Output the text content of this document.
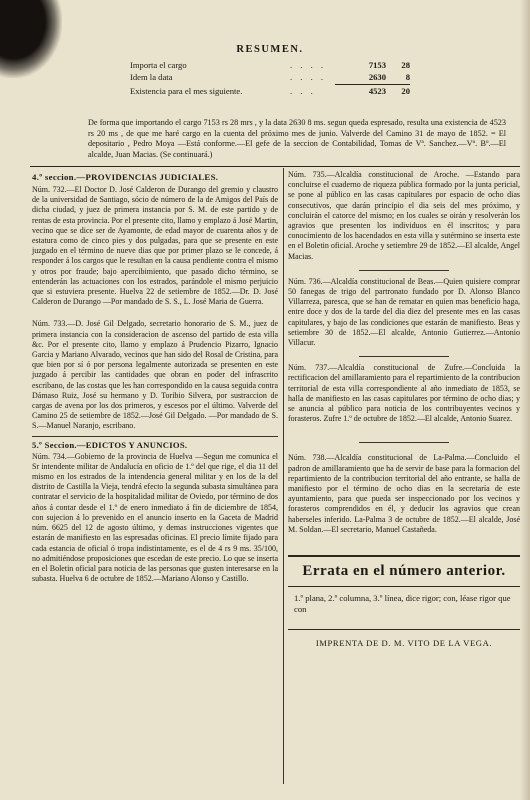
RESUMEN.
Importa el cargo	. . . .	7153	28
Idem la data	. . . .	2630	8
Existencia para el mes siguiente.	. . .	4523	20

De forma que importando el cargo 7153 rs 28 mrs , y la data 2630 8 ms. segun queda espresado, resulta una existencia de 4523 rs 20 ms , de que me haré cargo en la cuenta del próximo mes de junio. Valverde del Camino 31 de mayo de 1852. = El depositario , Pedro Moya —Está conforme.—El gefe de la seccion de Contabilidad, Tomas de Vª. Sanchez.—Vº. Bº.—El alcalde, Juan Macias. (Se continuará.)

4.º seccion.—PROVIDENCIAS JUDICIALES.

Núm. 732.—El Doctor D. José Calderon de Durango del gremio y claustro de la universidad de Santiago, sócio de número de la de Amigos del País de dicha ciudad, y juez de primera instancia por S. M. de este partido y de rentas de esta provincia. Por el presente cito, llamo y emplazo á José Martin, vecino que se dice ser de Ayamonte, de edad mayor de cuarenta años y de estatura como de cinco pies y dos pulgadas, para que se presente en este juzgado en el término de nueve dias que por primer plazo se le concede, á responder á los cargos que le resultan en la causa pendiente contra el mismo y otros por fraude; bajo apercibimiento, que pasado dicho término, se entenderán las actuaciones con los estrados, parándole el mismo perjuicio que si estuviera presente. Huelva 22 de setiembre de 1852.—Dr. D. José Calderon de Durango —Por mandado de S. S., L. José Maria de Guerra.

Núm. 733.—D. José Gil Delgado, secretario honorario de S. M., juez de primera instancia con la consideracion de ascenso del partido de esta villa &c. Por el presente cito, llamo y emplazo á Prudencio Pizarro, Ignacio Garcia y Mariano Alvarado, vecinos que han sido del Rosal de Cristina, para que bien por sí ó por persona legalmente autorizada se presenten en este juzgado á percibir las cantidades que obran en poder del infrascrito escribano, de las costas que les han correspondido en la causa seguida contra Dámaso Ruiz, José su hermano y D. Toribio Silvera, por sustraccion de cargas de avena por los dos primeros, y escesos por el último. Valverde del Camino 25 de setiembre de 1852.—José Gil Delgado. —Por mandado de S. S.—Manuel Naranjo, escribano.

5.º Seccion.—EDICTOS Y ANUNCIOS.

Núm. 734.—Gobierno de la provincia de Huelva —Segun me comunica el Sr intendente militar de Andalucía en oficio de 1.º del que rige, el dia 11 del mismo en los estrados de la intendencia general militar y en los de la del distrito de Castilla la Vieja, tendrá efecto la segunda subasta simultánea para contratar el servicio de la hospitalidad militar de Oviedo, por término de dos años á contar desde el 1.º de enero inmediato á fin de diciembre de 1854, con sujecion á lo prevenido en el anuncio inserto en la Gaceta de Madrid núm. 6625 del 12 de agosto último, y demas instrucciones vigentes que estarán de manifiesto en las espresadas oficinas. El precio límite fijado para cada estancia de oficial ó tropa indistintamente, es el de 4 rs 9 ms. 35/100, no admitiéndose proposiciones que escedan de este precio. Lo que se inserta en el Boletin oficial para noticia de las personas que gusten interesarse en la subasta. Huelva 6 de octubre de 1852.—Mariano Alonso y Castillo.

Núm. 735.—Alcaldía constitucional de Aroche. —Estando para concluirse el cuaderno de riqueza pública formado por la junta pericial, se pone al público en las casas capitulares por espacio de ocho dias consecutivos, que darán principio el dia seis del mes próximo, y concluirán el catorce del mismo; en los cuales se oirán y resolverán los agravios que presenten los individuos en él inscritos; y para conocimiento de los hacendados en esta villa y sutérmino se inserta este en el Boletin oficial. Aroche y setiembre 29 de 1852.—El alcalde, Angel Macias.

Núm. 736.—Alcaldía constitucional de Beas.—Quien quisiere comprar 50 fanegas de trigo del partronato fundado por D. Alonso Blanco Villarreza, paresca, que se han de rematar en quien mas beneficio haga, entre doce y dos de la tarde del dia diez del presente mes en las casas capitulares, y bajo de las condiciones que estarán de manifiesto. Beas y setiembre 30 de 1852.—El alcalde, Antonio Gutierrez.—Antonio Villacur.

Núm. 737.—Alcaldía constitucional de Zufre.—Concluida la rectificacion del amillaramiento para el repartimiento de la contribucion territorial de esta villa correspondiente al año inmediato de 1853, se halla de manifiesto en las casas capitulares por término de ocho dias; y se anuncia al público para noticia de los contribuyentes vecinos y forasteros. Zufre 1.º de octubre de 1852.—El alcalde, Antonio Suarez.

Núm. 738.—Alcaldía constitucional de La-Palma.—Concluido el padron de amillaramiento que ha de servir de base para la formacion del repartimiento de la contribucion territorial del año entrante, se halla de manifiesto por el término de ocho dias en la secretaría de este ayuntamiento, para que pueda ser inspeccionado por los vecinos y forasteros comprendidos en él, y deducir los agravios que crean haberseles inferido. La-Palma 3 de octubre de 1852.—El alcalde, José M. Soldan.—El secretario, Manuel Castañeda.

Errata en el número anterior.
1.º plana, 2.º columna, 3.º línea, dice rigor; con, léase rigor que con
IMPRENTA DE D. M. VITO DE LA VEGA.
